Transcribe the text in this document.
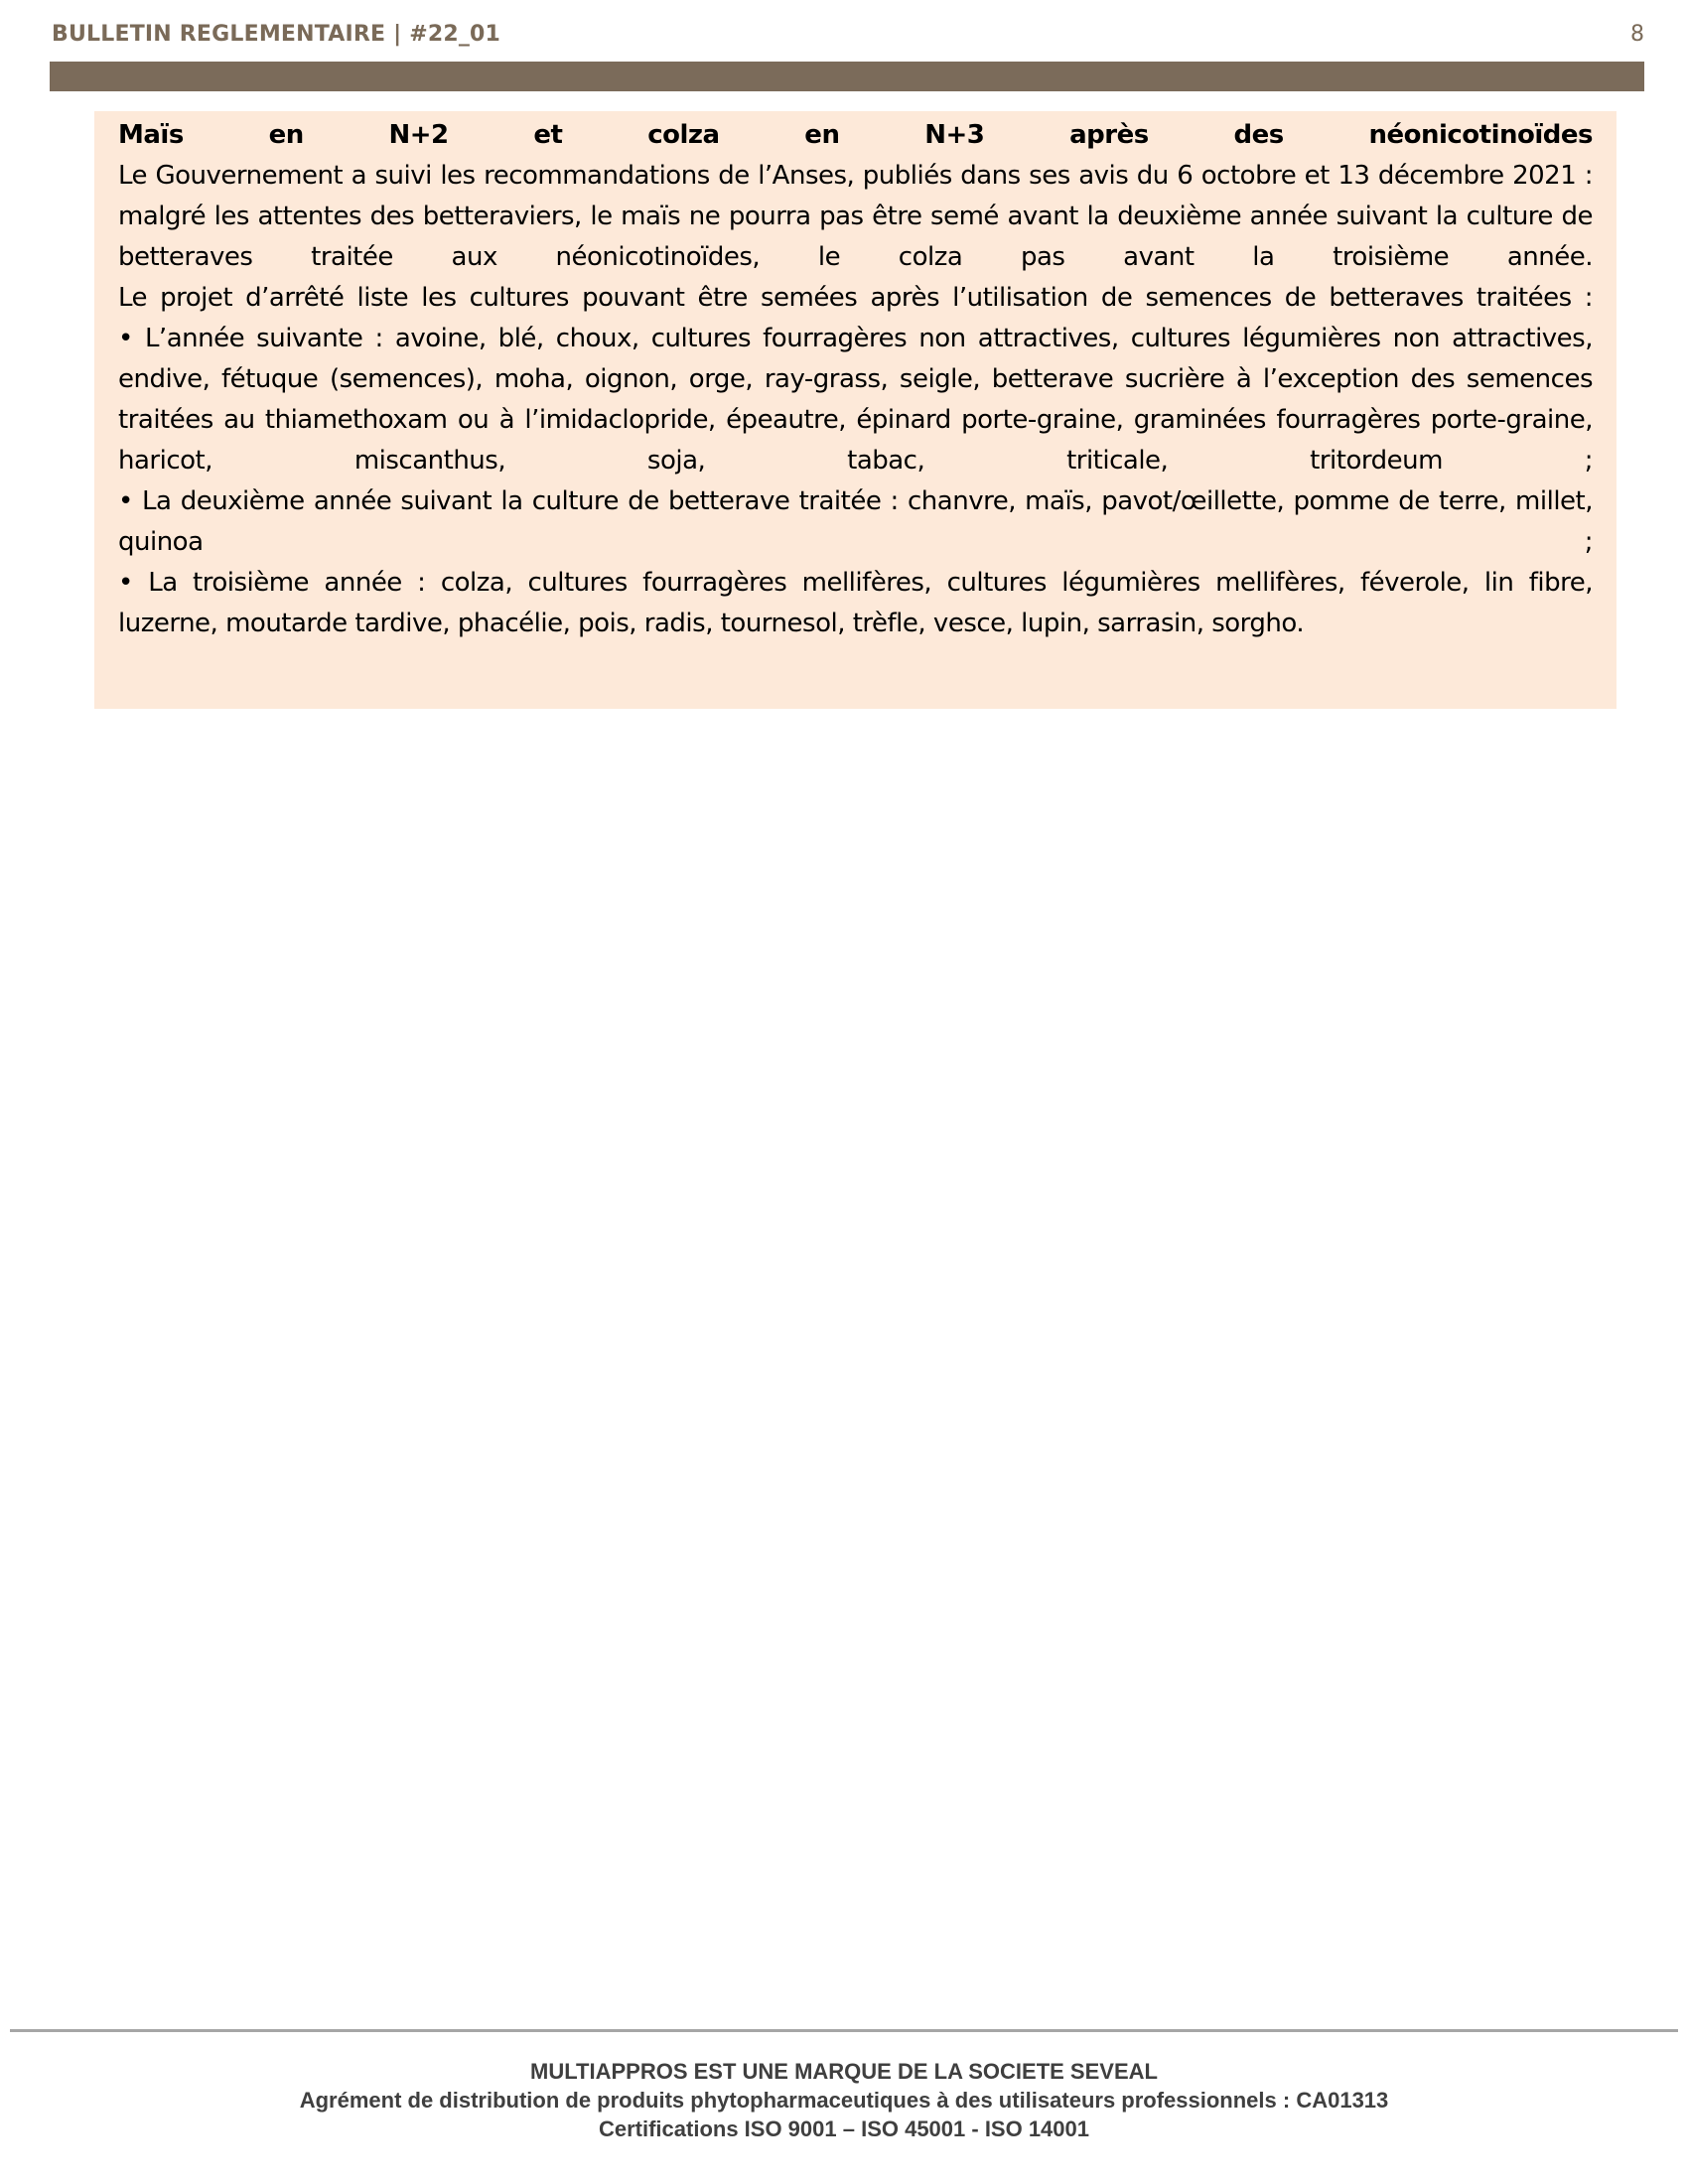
BULLETIN REGLEMENTAIRE | #22_01	8

Maïs en N+2 et colza en N+3 après des néonicotinoïdes

Le Gouvernement a suivi les recommandations de l’Anses, publiés dans ses avis du 6 octobre et 13 décembre 2021 : malgré les attentes des betteraviers, le maïs ne pourra pas être semé avant la deuxième année suivant la culture de betteraves traitée aux néonicotinoïdes, le colza pas avant la troisième année.

Le projet d’arrêté liste les cultures pouvant être semées après l’utilisation de semences de betteraves traitées :

• L’année suivante : avoine, blé, choux, cultures fourragères non attractives, cultures légumières non attractives, endive, fétuque (semences), moha, oignon, orge, ray-grass, seigle, betterave sucrière à l’exception des semences traitées au thiamethoxam ou à l’imidaclopride, épeautre, épinard porte-graine, graminées fourragères porte-graine, haricot, miscanthus, soja, tabac, triticale, tritordeum ;

• La deuxième année suivant la culture de betterave traitée : chanvre, maïs, pavot/œillette, pomme de terre, millet, quinoa ;

• La troisième année : colza, cultures fourragères mellifères, cultures légumières mellifères, féverole, lin fibre, luzerne, moutarde tardive, phacélie, pois, radis, tournesol, trèfle, vesce, lupin, sarrasin, sorgho.

MULTIAPPROS EST UNE MARQUE DE LA SOCIETE SEVEAL
Agrément de distribution de produits phytopharmaceutiques à des utilisateurs professionnels : CA01313
Certifications ISO 9001 – ISO 45001 - ISO 14001
